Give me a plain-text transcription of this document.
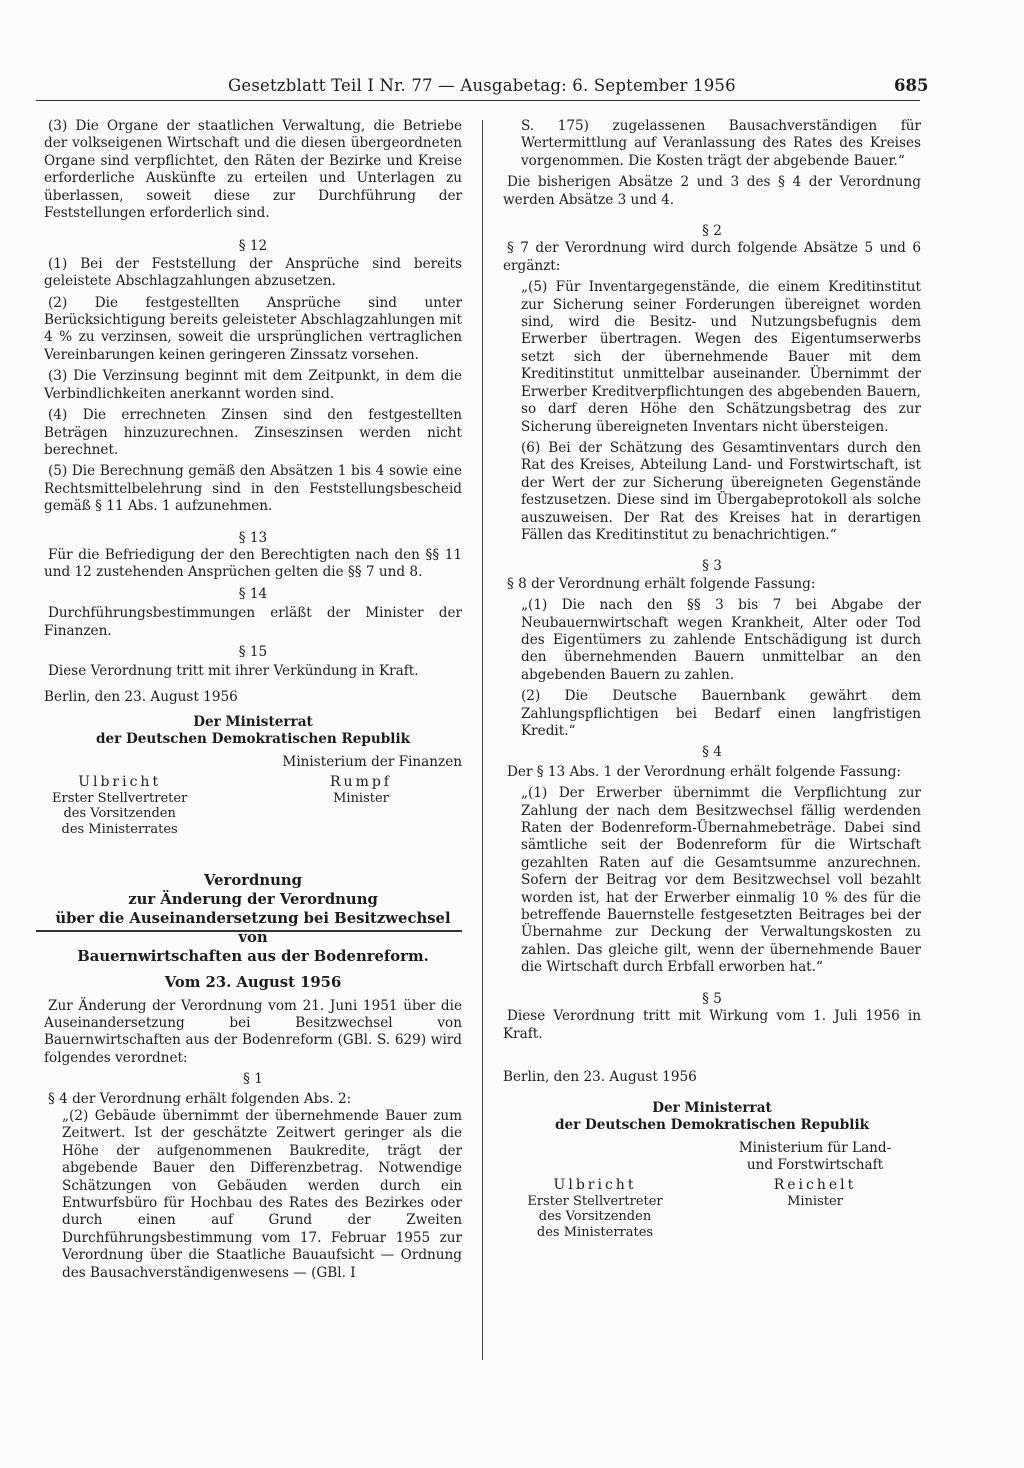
Gesetzblatt Teil I Nr. 77 — Ausgabetag: 6. September 1956	685

(3) Die Organe der staatlichen Verwaltung, die Betriebe der volkseigenen Wirtschaft und die diesen übergeordneten Organe sind verpflichtet, den Räten der Bezirke und Kreise erforderliche Auskünfte zu erteilen und Unterlagen zu überlassen, soweit diese zur Durchführung der Feststellungen erforderlich sind.

§ 12

(1) Bei der Feststellung der Ansprüche sind bereits geleistete Abschlagzahlungen abzusetzen.

(2) Die festgestellten Ansprüche sind unter Berücksichtigung bereits geleisteter Abschlagzahlungen mit 4 % zu verzinsen, soweit die ursprünglichen vertraglichen Vereinbarungen keinen geringeren Zinssatz vorsehen.

(3) Die Verzinsung beginnt mit dem Zeitpunkt, in dem die Verbindlichkeiten anerkannt worden sind.

(4) Die errechneten Zinsen sind den festgestellten Beträgen hinzuzurechnen. Zinseszinsen werden nicht berechnet.

(5) Die Berechnung gemäß den Absätzen 1 bis 4 sowie eine Rechtsmittelbelehrung sind in den Feststellungsbescheid gemäß § 11 Abs. 1 aufzunehmen.

§ 13

Für die Befriedigung der den Berechtigten nach den §§ 11 und 12 zustehenden Ansprüchen gelten die §§ 7 und 8.

§ 14

Durchführungsbestimmungen erläßt der Minister der Finanzen.

§ 15

Diese Verordnung tritt mit ihrer Verkündung in Kraft.

Berlin, den 23. August 1956

Der Ministerrat
der Deutschen Demokratischen Republik
Ministerium der Finanzen
Ulbricht
Erster Stellvertreter
des Vorsitzenden
des Ministerrates
Rumpf
Minister
Verordnung
zur Änderung der Verordnung
über die Auseinandersetzung bei Besitzwechsel von
Bauernwirtschaften aus der Bodenreform.
Vom 23. August 1956

Zur Änderung der Verordnung vom 21. Juni 1951 über die Auseinandersetzung bei Besitzwechsel von Bauernwirtschaften aus der Bodenreform (GBl. S. 629) wird folgendes verordnet:

§ 1

§ 4 der Verordnung erhält folgenden Abs. 2:

„(2) Gebäude übernimmt der übernehmende Bauer zum Zeitwert. Ist der geschätzte Zeitwert geringer als die Höhe der aufgenommenen Baukredite, trägt der abgebende Bauer den Differenzbetrag. Notwendige Schätzungen von Gebäuden werden durch ein Entwurfsbüro für Hochbau des Rates des Bezirkes oder durch einen auf Grund der Zweiten Durchführungsbestimmung vom 17. Februar 1955 zur Verordnung über die Staatliche Bauaufsicht — Ordnung des Bausachverständigenwesens — (GBl. I

S. 175) zugelassenen Bausachverständigen für Wertermittlung auf Veranlassung des Rates des Kreises vorgenommen. Die Kosten trägt der abgebende Bauer.“

Die bisherigen Absätze 2 und 3 des § 4 der Verordnung werden Absätze 3 und 4.

§ 2

§ 7 der Verordnung wird durch folgende Absätze 5 und 6 ergänzt:

„(5) Für Inventargegenstände, die einem Kreditinstitut zur Sicherung seiner Forderungen übereignet worden sind, wird die Besitz- und Nutzungsbefugnis dem Erwerber übertragen. Wegen des Eigentumserwerbs setzt sich der übernehmende Bauer mit dem Kreditinstitut unmittelbar auseinander. Übernimmt der Erwerber Kreditverpflichtungen des abgebenden Bauern, so darf deren Höhe den Schätzungsbetrag des zur Sicherung übereigneten Inventars nicht übersteigen.

(6) Bei der Schätzung des Gesamtinventars durch den Rat des Kreises, Abteilung Land- und Forstwirtschaft, ist der Wert der zur Sicherung übereigneten Gegenstände festzusetzen. Diese sind im Übergabeprotokoll als solche auszuweisen. Der Rat des Kreises hat in derartigen Fällen das Kreditinstitut zu benachrichtigen.“

§ 3

§ 8 der Verordnung erhält folgende Fassung:

„(1) Die nach den §§ 3 bis 7 bei Abgabe der Neubauernwirtschaft wegen Krankheit, Alter oder Tod des Eigentümers zu zahlende Entschädigung ist durch den übernehmenden Bauern unmittelbar an den abgebenden Bauern zu zahlen.

(2) Die Deutsche Bauernbank gewährt dem Zahlungspflichtigen bei Bedarf einen langfristigen Kredit.“

§ 4

Der § 13 Abs. 1 der Verordnung erhält folgende Fassung:

„(1) Der Erwerber übernimmt die Verpflichtung zur Zahlung der nach dem Besitzwechsel fällig werdenden Raten der Bodenreform-Übernahmebeträge. Dabei sind sämtliche seit der Bodenreform für die Wirtschaft gezahlten Raten auf die Gesamtsumme anzurechnen. Sofern der Beitrag vor dem Besitzwechsel voll bezahlt worden ist, hat der Erwerber einmalig 10 % des für die betreffende Bauernstelle festgesetzten Beitrages bei der Übernahme zur Deckung der Verwaltungskosten zu zahlen. Das gleiche gilt, wenn der übernehmende Bauer die Wirtschaft durch Erbfall erworben hat.“

§ 5

Diese Verordnung tritt mit Wirkung vom 1. Juli 1956 in Kraft.

Berlin, den 23. August 1956

Der Ministerrat
der Deutschen Demokratischen Republik
Ministerium für Land-
und Forstwirtschaft
Reichelt
Minister
Ulbricht
Erster Stellvertreter
des Vorsitzenden
des Ministerrates
